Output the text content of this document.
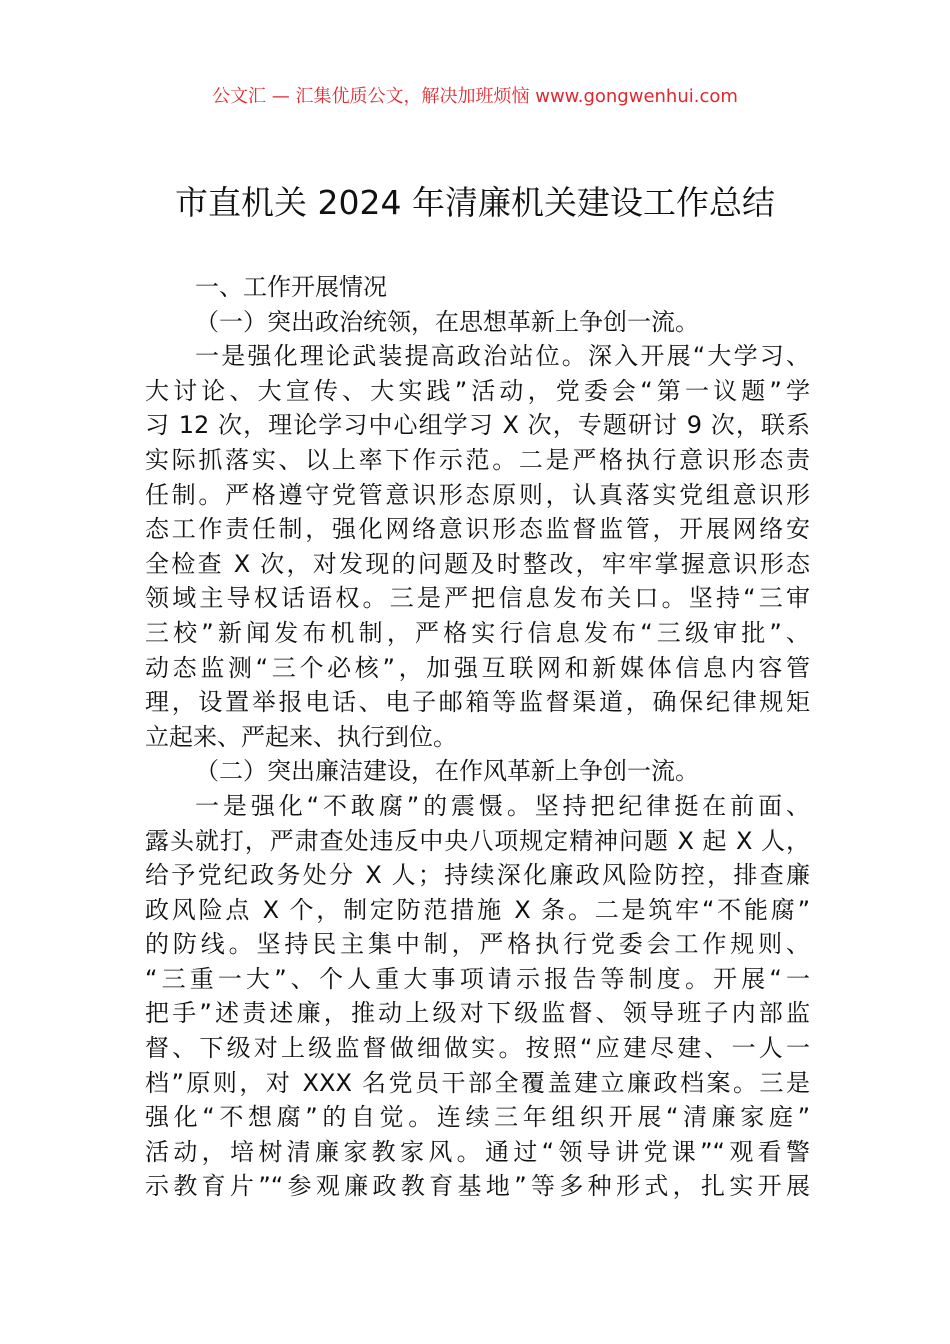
公文汇 — 汇集优质公文，解决加班烦恼 www.gongwenhui.com
市直机关 2024 年清廉机关建设工作总结
一、工作开展情况
（一）突出政治统领，在思想革新上争创一流。
一是强化理论武装提高政治站位。深入开展“大学习、
大讨论、大宣传、大实践”活动，党委会“第一议题”学
习 12 次，理论学习中心组学习 X 次，专题研讨 9 次，联系
实际抓落实、以上率下作示范。二是严格执行意识形态责
任制。严格遵守党管意识形态原则，认真落实党组意识形
态工作责任制，强化网络意识形态监督监管，开展网络安
全检查 X 次，对发现的问题及时整改，牢牢掌握意识形态
领域主导权话语权。三是严把信息发布关口。坚持“三审
三校”新闻发布机制，严格实行信息发布“三级审批”、
动态监测“三个必核”，加强互联网和新媒体信息内容管
理，设置举报电话、电子邮箱等监督渠道，确保纪律规矩
立起来、严起来、执行到位。
（二）突出廉洁建设，在作风革新上争创一流。
一是强化“不敢腐”的震慑。坚持把纪律挺在前面、
露头就打，严肃查处违反中央八项规定精神问题 X 起 X 人，
给予党纪政务处分 X 人；持续深化廉政风险防控，排查廉
政风险点 X 个，制定防范措施 X 条。二是筑牢“不能腐”
的防线。坚持民主集中制，严格执行党委会工作规则、
“三重一大”、个人重大事项请示报告等制度。开展“一
把手”述责述廉，推动上级对下级监督、领导班子内部监
督、下级对上级监督做细做实。按照“应建尽建、一人一
档”原则，对 XXX 名党员干部全覆盖建立廉政档案。三是
强化“不想腐”的自觉。连续三年组织开展“清廉家庭”
活动，培树清廉家教家风。通过“领导讲党课”“观看警
示教育片”“参观廉政教育基地”等多种形式，扎实开展
